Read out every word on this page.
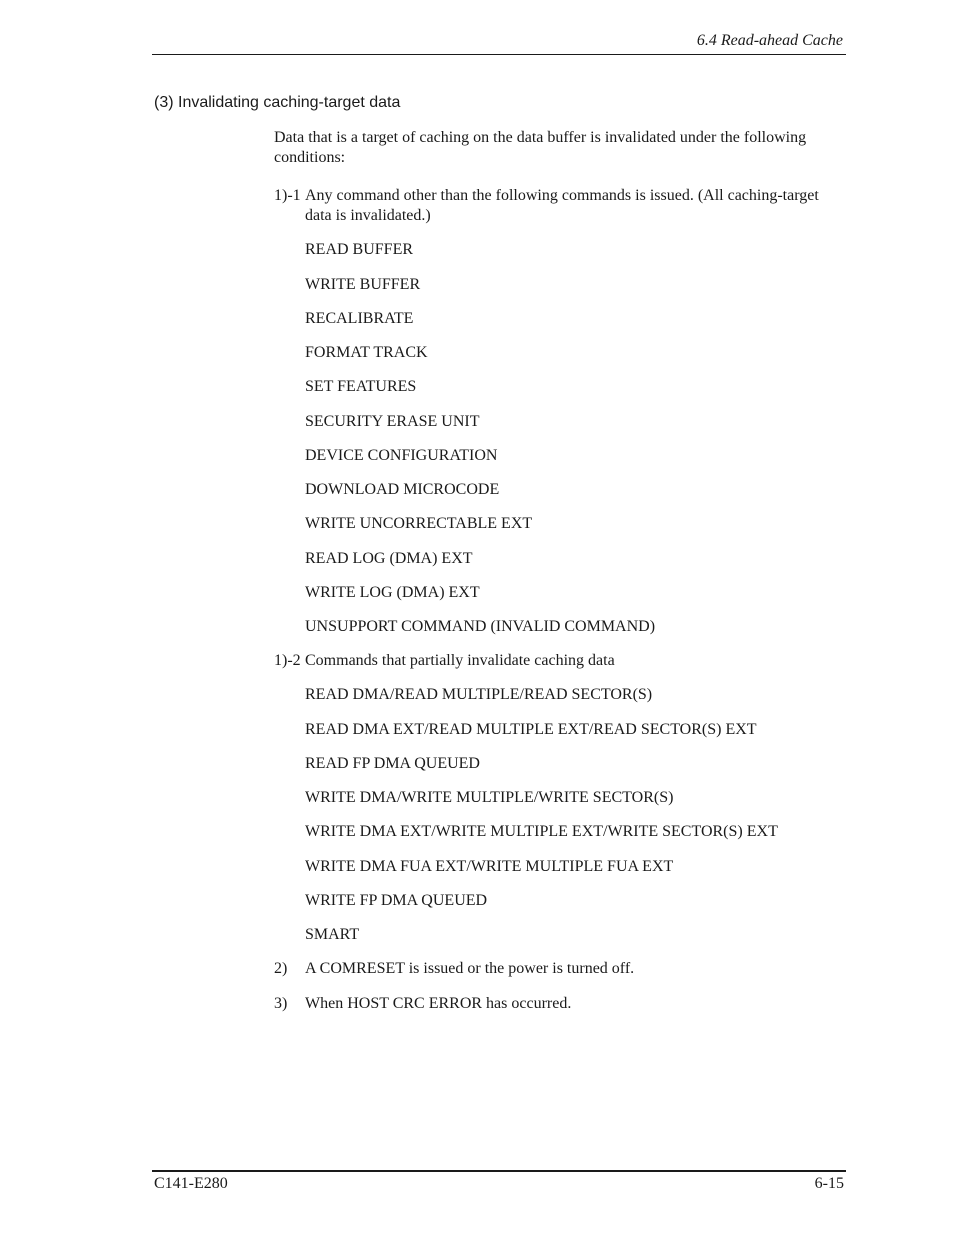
6.4 Read-ahead Cache
(3) Invalidating caching-target data
Data that is a target of caching on the data buffer is invalidated under the following conditions:
1)-1 Any command other than the following commands is issued. (All caching-target data is invalidated.)
READ BUFFER
WRITE BUFFER
RECALIBRATE
FORMAT TRACK
SET FEATURES
SECURITY ERASE UNIT
DEVICE CONFIGURATION
DOWNLOAD MICROCODE
WRITE UNCORRECTABLE EXT
READ LOG (DMA) EXT
WRITE LOG (DMA) EXT
UNSUPPORT COMMAND (INVALID COMMAND)
1)-2 Commands that partially invalidate caching data
READ DMA/READ MULTIPLE/READ SECTOR(S)
READ DMA EXT/READ MULTIPLE EXT/READ SECTOR(S) EXT
READ FP DMA QUEUED
WRITE DMA/WRITE MULTIPLE/WRITE SECTOR(S)
WRITE DMA EXT/WRITE MULTIPLE EXT/WRITE SECTOR(S) EXT
WRITE DMA FUA EXT/WRITE MULTIPLE FUA EXT
WRITE FP DMA QUEUED
SMART
2) A COMRESET is issued or the power is turned off.
3) When HOST CRC ERROR has occurred.
C141-E280	6-15
